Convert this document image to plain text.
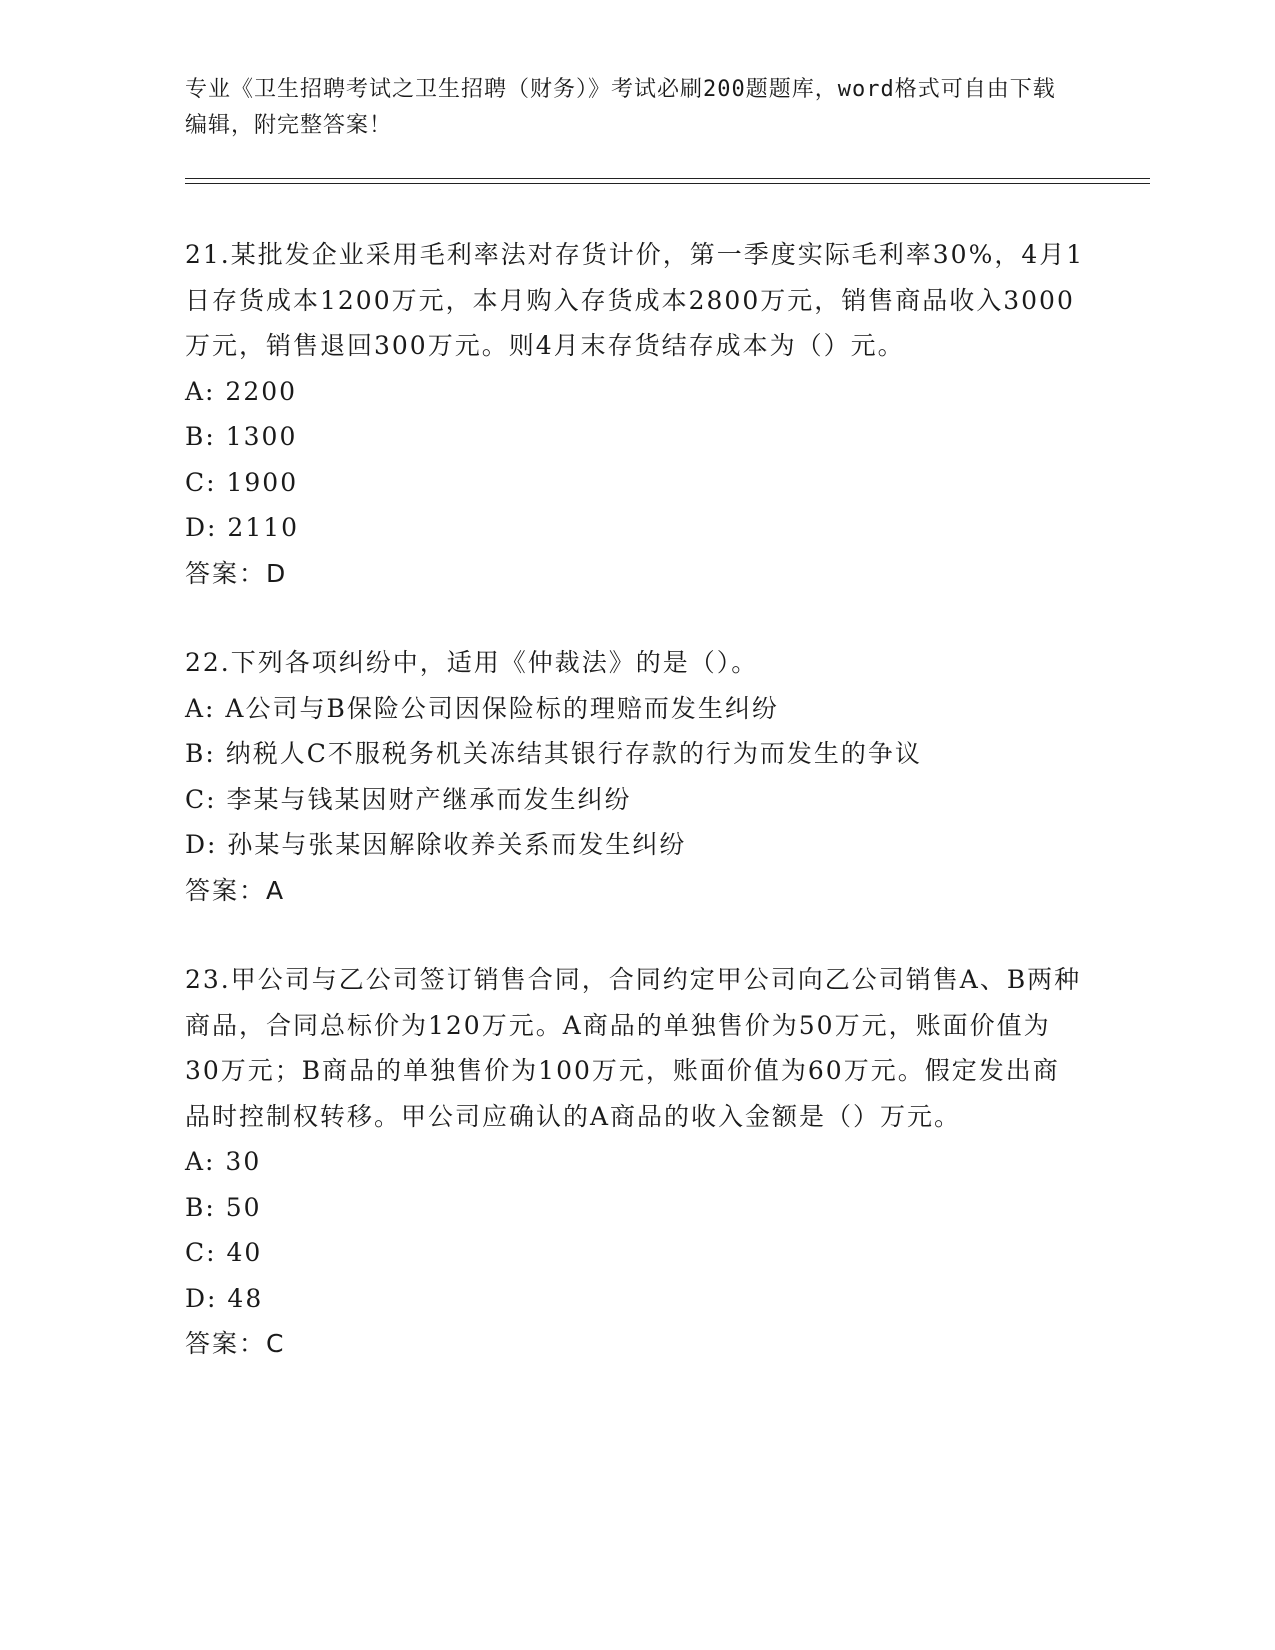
专业《卫生招聘考试之卫生招聘（财务）》考试必刷200题题库，word格式可自由下载编辑，附完整答案！
21.某批发企业采用毛利率法对存货计价，第一季度实际毛利率30%，4月1日存货成本1200万元，本月购入存货成本2800万元，销售商品收入3000万元，销售退回300万元。则4月末存货结存成本为（）元。
A: 2200
B: 1300
C: 1900
D: 2110
答案：D
22.下列各项纠纷中，适用《仲裁法》的是（）。
A: A公司与B保险公司因保险标的理赔而发生纠纷
B: 纳税人C不服税务机关冻结其银行存款的行为而发生的争议
C: 李某与钱某因财产继承而发生纠纷
D: 孙某与张某因解除收养关系而发生纠纷
答案：A
23.甲公司与乙公司签订销售合同，合同约定甲公司向乙公司销售A、B两种商品，合同总标价为120万元。A商品的单独售价为50万元，账面价值为30万元；B商品的单独售价为100万元，账面价值为60万元。假定发出商品时控制权转移。甲公司应确认的A商品的收入金额是（）万元。
A: 30
B: 50
C: 40
D: 48
答案：C
